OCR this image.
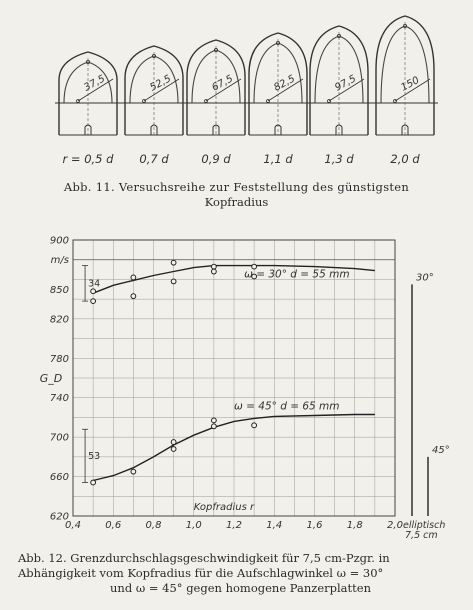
37,5
r = 0,5 d
52,5
0,7 d
67,5
0,9 d
82,5
1,1 d
97,5
1,3 d
150
2,0 d
Abb. 11. Versuchsreihe zur Feststellung des günstigsten
Kopfradius
0,4 0,6 0,8 1,0 1,2 1,4 1,6 1,8 2,0
620
660
700
740
780
820
850
900
m/s
G_D
Kopfradius r
elliptisch
7,5 cm
ω = 30° d = 55 mm
ω = 45° d = 65 mm
34
53
30°
45°
Abb. 12. Grenzdurchschlagsgeschwindigkeit für 7,5 cm-Pzgr. in
Abhängigkeit vom Kopfradius für die Aufschlagwinkel ω = 30°

und ω = 45° gegen homogene Panzerplatten
